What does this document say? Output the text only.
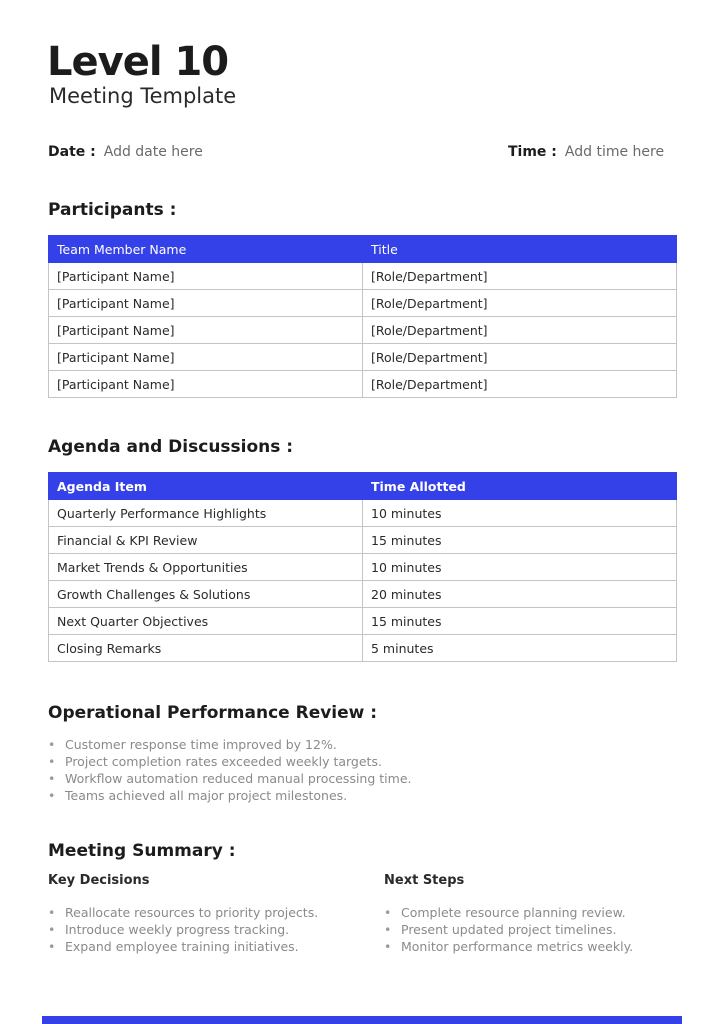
Level 10
Meeting Template
Date : Add date here	Time : Add time here
Participants :
Team Member Name	Title
[Participant Name]	[Role/Department]
[Participant Name]	[Role/Department]
[Participant Name]	[Role/Department]
[Participant Name]	[Role/Department]
[Participant Name]	[Role/Department]
Agenda and Discussions :
Agenda Item	Time Allotted
Quarterly Performance Highlights	10 minutes
Financial & KPI Review	15 minutes
Market Trends & Opportunities	10 minutes
Growth Challenges & Solutions	20 minutes
Next Quarter Objectives	15 minutes
Closing Remarks	5 minutes
Operational Performance Review :
• Customer response time improved by 12%.
• Project completion rates exceeded weekly targets.
• Workflow automation reduced manual processing time.
• Teams achieved all major project milestones.
Meeting Summary :
Key Decisions
• Reallocate resources to priority projects.
• Introduce weekly progress tracking.
• Expand employee training initiatives.
Next Steps
• Complete resource planning review.
• Present updated project timelines.
• Monitor performance metrics weekly.
